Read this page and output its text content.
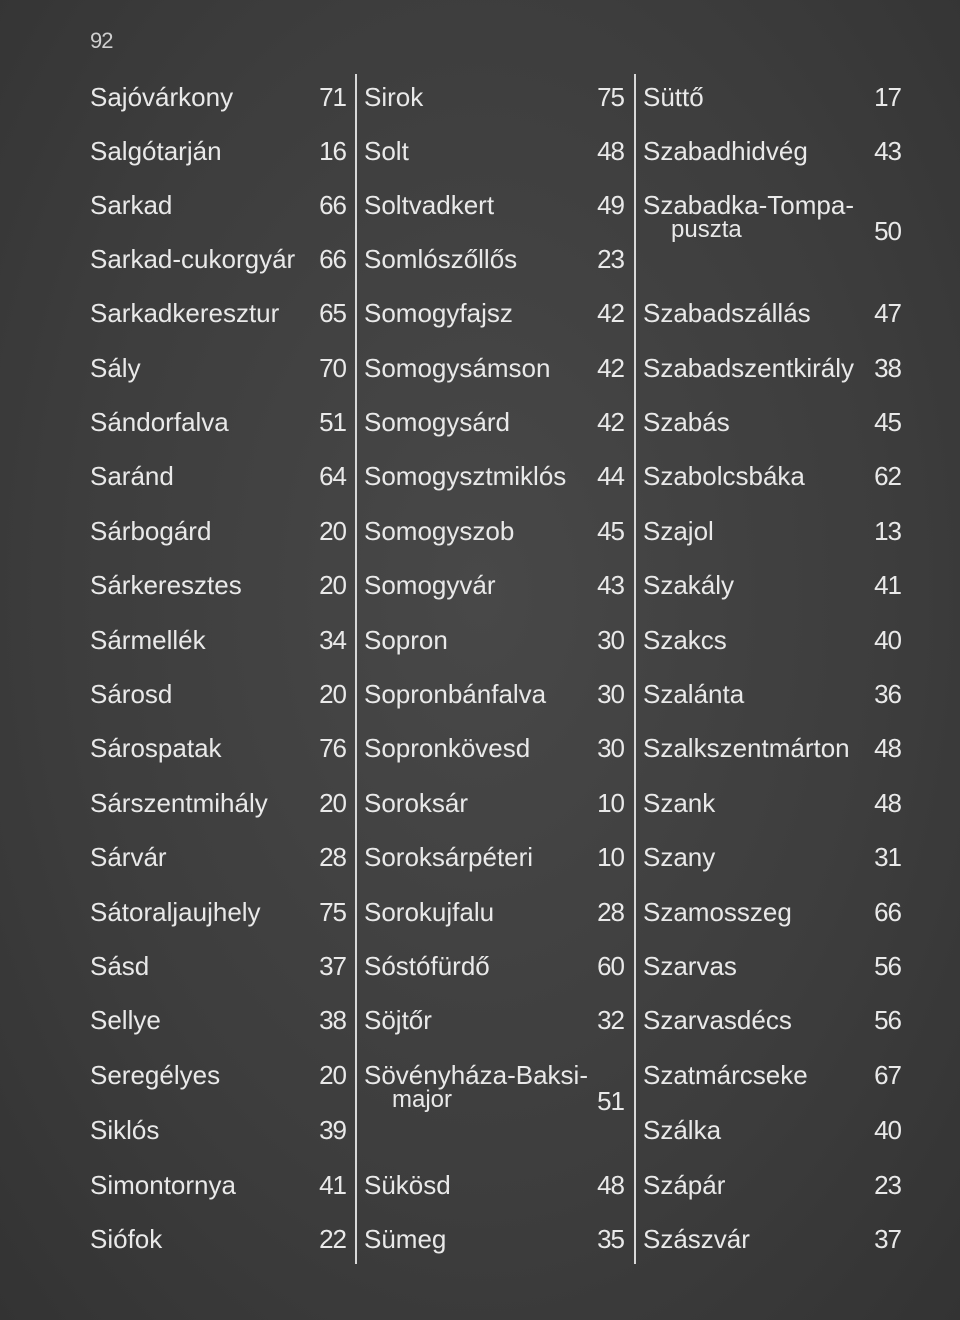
92
Sajóvárkony	71
Salgótarján	16
Sarkad	66
Sarkad-cukorgyár 66
Sarkadkeresztur 65
Sály	70
Sándorfalva	51
Saránd	64
Sárbogárd	20
Sárkeresztes	20
Sármellék	34
Sárosd	20
Sárospatak	76
Sárszentmihály 20
Sárvár	28
Sátoraljaujhely 75
Sásd	37
Sellye	38
Seregélyes	20
Siklós	39
Simontornya	41
Siófok	22
Sirok	75
Solt	48
Soltvadkert	49
Somlószőllős	23
Somogyfajsz	42
Somogysámson 42
Somogysárd	42
Somogysztmiklós 44
Somogyszob	45
Somogyvár	43
Sopron	30
Sopronbánfalva 30
Sopronkövesd	30
Soroksár	10
Soroksárpéteri 10
Sorokujfalu	28
Sóstófürdő	60
Söjtőr	32
Sövényháza-Baksi-
major	51
Sükösd	48
Sümeg	35
Süttő	17
Szabadhidvég	43
Szabadka-Tompa-
puszta	50
Szabadszállás 47
Szabadszentkirály 38
Szabás	45
Szabolcsbáka	62
Szajol	13
Szakály	41
Szakcs	40
Szalánta	36
Szalkszentmárton 48
Szank	48
Szany	31
Szamosszeg	66
Szarvas	56
Szarvasdécs	56
Szatmárcseke	67
Szálka	40
Szápár	23
Szászvár	37
